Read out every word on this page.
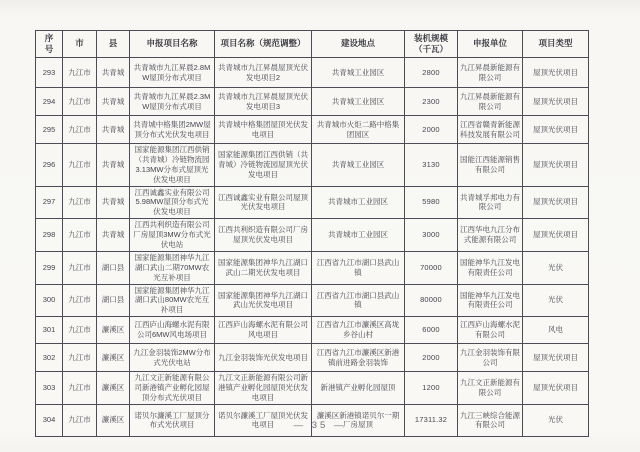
序号	市	县	申报项目名称	项目名称（规范调整）	建设地点	装机规模（千瓦）	申报单位	项目类型
293	九江市	共青城	共青城市九江昇晨2.8MW屋顶分布式项目	共青城市九江昇晨屋顶光伏发电项目2	共青城工业园区	2800	九江昇晨新能源有限公司	屋顶光伏项目
294	九江市	共青城	共青城市九江昇晨2.3MW屋顶分布式项目	共青城市九江昇晨屋顶光伏发电项目3	共青城工业园区	2300	九江昇晨新能源有限公司	屋顶光伏项目
295	九江市	共青城	共青城中格集团2MW屋顶分布式光伏发电项目	共青城中格集团屋顶光伏发电项目	共青城市火炬二路中格集团园区	2000	江西省赣青新能源科技发展有限公司	屋顶光伏项目
296	九江市	共青城	国家能源集团江西供销（共青城）冷链物流园3.13MW分布式屋顶光伏发电项目	国家能源集团江西供销（共青城）冷链物流园屋顶光伏发电项目	共青城工业园区	3130	国能江西能源销售有限公司	屋顶光伏项目
297	九江市	共青城	江西诚鑫实业有限公司5.98MW屋顶分布式光伏发电项目	江西诚鑫实业有限公司屋顶光伏发电项目	共青城市工业园区	5980	共青城孚邦电力有限公司	屋顶光伏项目
298	九江市	共青城	江西共利织造有限公司厂房屋顶3MW分布式光伏电站	江西共利织造有限公司厂房屋顶光伏发电项目	共青城市工业园区	3000	江西华电九江分布式能源有限公司	屋顶光伏项目
299	九江市	湖口县	国家能源集团神华九江湖口武山二期70MW农光互补项目	国家能源集团神华九江湖口武山二期光伏发电项目	江西省九江市湖口县武山镇	70000	国能神华九江发电有限责任公司	光伏
300	九江市	湖口县	国家能源集团神华九江湖口武山80MW农光互补项目	国家能源集团神华九江湖口武山光伏发电项目	江西省九江市湖口县武山镇	80000	国能神华九江发电有限责任公司	光伏
301	九江市	濂溪区	江西庐山海螺水泥有限公司6MW风电场项目	江西庐山海螺水泥有限公司风电项目	江西省九江市濂溪区高垅乡谷山村	6000	江西庐山海螺水泥有限公司	风电
302	九江市	濂溪区	九江金羽装饰2MW分布式光伏电站	九江金羽装饰光伏发电项目	江西省九江市濂溪区新港镇前进路金羽装饰	2000	九江金羽装饰有限公司	屋顶光伏项目
303	九江市	濂溪区	九江文正新能源有限公司新港镇产业孵化园屋顶分布式光伏项目	九江文正新能源有限公司新港镇产业孵化园屋顶光伏发电项目	新港镇产业孵化园屋顶	1200	九江文正新能源有限公司	屋顶光伏项目
304	九江市	濂溪区	诺贝尔濂溪工厂屋顶分布式光伏项目	诺贝尔濂溪工厂屋顶光伏发电项目	濂溪区新港镇诺贝尔一期厂房屋顶	17311.32	九江三峡综合能源有限公司	光伏
— 35 —
